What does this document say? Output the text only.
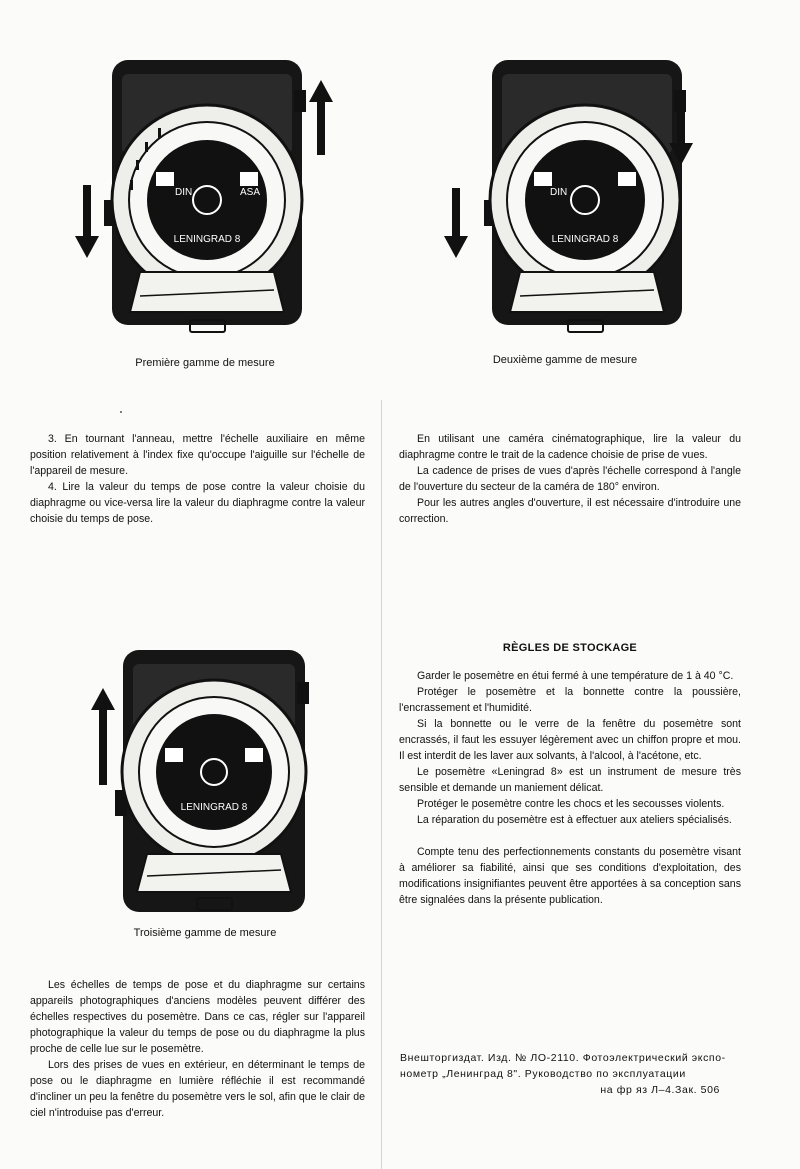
DIN	ASA
LENINGRAD 8
Première gamme de mesure
DIN
LENINGRAD 8
Deuxième gamme de mesure

3. En tournant l'anneau, mettre l'échelle auxiliaire en même position relativement à l'index fixe qu'occupe l'aiguille sur l'échelle de l'appareil de mesure.

4. Lire la valeur du temps de pose contre la valeur choisie du diaphragme ou vice-versa lire la valeur du diaphragme contre la valeur choisie du temps de pose.

En utilisant une caméra cinématographique, lire la valeur du diaphragme contre le trait de la cadence choisie de prise de vues.

La cadence de prises de vues d'après l'échelle correspond à l'angle de l'ouverture du secteur de la caméra de 180° environ.

Pour les autres angles d'ouverture, il est nécessaire d'introduire une correction.

LENINGRAD 8
Troisième gamme de mesure
RÈGLES DE STOCKAGE

Garder le posemètre en étui fermé à une température de 1 à 40 °C.

Protéger le posemètre et la bonnette contre la poussière, l'encrassement et l'humidité.

Si la bonnette ou le verre de la fenêtre du posemètre sont encrassés, il faut les essuyer légèrement avec un chiffon propre et mou. Il est interdit de les laver aux solvants, à l'alcool, à l'acétone, etc.

Le posemètre «Leningrad 8» est un instrument de mesure très sensible et demande un maniement délicat.

Protéger le posemètre contre les chocs et les secousses violents.

La réparation du posemètre est à effectuer aux ateliers spécialisés.

Compte tenu des perfectionnements constants du posemètre visant à améliorer sa fiabilité, ainsi que ses conditions d'exploitation, des modifications insignifiantes peuvent être apportées à sa conception sans être signalées dans la présente publication.

Les échelles de temps de pose et du diaphragme sur certains appareils photographiques d'anciens modèles peuvent différer des échelles respectives du posemètre. Dans ce cas, régler sur l'appareil photographique la valeur du temps de pose ou du diaphragme la plus proche de celle lue sur le posemètre.

Lors des prises de vues en extérieur, en déterminant le temps de pose ou le diaphragme en lumière réfléchie il est recommandé d'incliner un peu la fenêtre du posemètre vers le sol, afin que le clair de ciel n'introduise pas d'erreur.

Внешторгиздат. Изд. № ЛО-2110. Фотоэлектрический экспо-
нометр „Ленинград 8". Руководство по эксплуатации
на фр яз Л–4.Зак. 506
